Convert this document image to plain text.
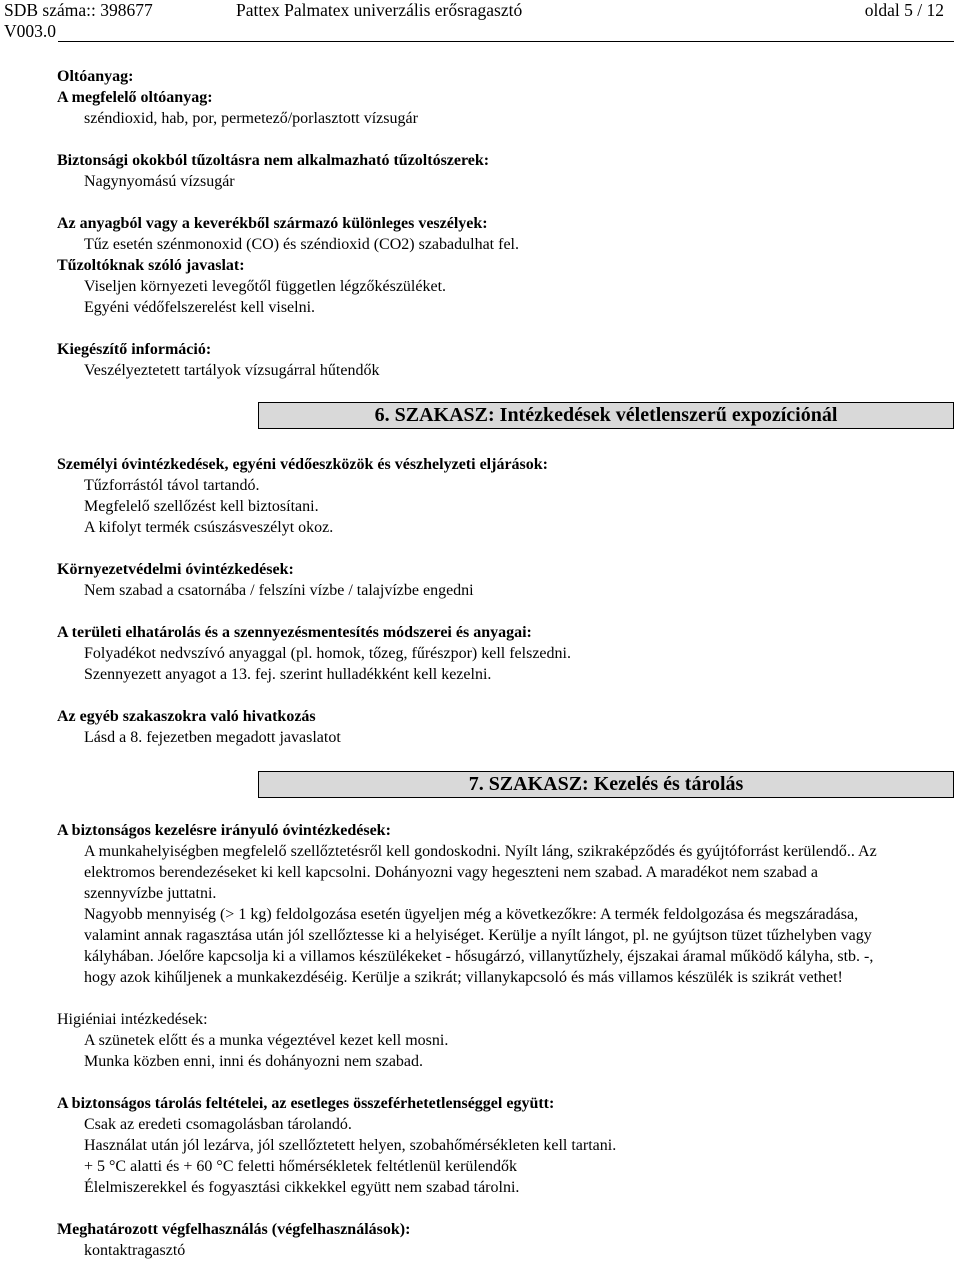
SDB száma:: 398677	Pattex Palmatex univerzális erősragasztó	oldal 5 / 12
V003.0
Oltóanyag:
A megfelelő oltóanyag:
széndioxid, hab, por, permetező/porlasztott vízsugár
Biztonsági okokból tűzoltásra nem alkalmazható tűzoltószerek:
Nagynyomású vízsugár
Az anyagból vagy a keverékből származó különleges veszélyek:
Tűz esetén szénmonoxid (CO) és széndioxid (CO2) szabadulhat fel.
Tűzoltóknak szóló javaslat:
Viseljen környezeti levegőtől független légzőkészüléket.
Egyéni védőfelszerelést kell viselni.
Kiegészítő információ:
Veszélyeztetett tartályok vízsugárral hűtendők
6. SZAKASZ: Intézkedések véletlenszerű expozíciónál
Személyi óvintézkedések, egyéni védőeszközök és vészhelyzeti eljárások:
Tűzforrástól távol tartandó.
Megfelelő szellőzést kell biztosítani.
A kifolyt termék csúszásveszélyt okoz.
Környezetvédelmi óvintézkedések:
Nem szabad a csatornába / felszíni vízbe / talajvízbe engedni
A területi elhatárolás és a szennyezésmentesítés módszerei és anyagai:
Folyadékot nedvszívó anyaggal (pl. homok, tőzeg, fűrészpor) kell felszedni.
Szennyezett anyagot a 13. fej. szerint hulladékként kell kezelni.
Az egyéb szakaszokra való hivatkozás
Lásd a 8. fejezetben megadott javaslatot
7. SZAKASZ: Kezelés és tárolás
A biztonságos kezelésre irányuló óvintézkedések:
A munkahelyiségben megfelelő szellőztetésről kell gondoskodni. Nyílt láng, szikraképződés és gyújtóforrást kerülendő.. Az
elektromos berendezéseket ki kell kapcsolni. Dohányozni vagy hegeszteni nem szabad. A maradékot nem szabad a
szennyvízbe juttatni.
Nagyobb mennyiség (> 1 kg) feldolgozása esetén ügyeljen még a következőkre: A termék feldolgozása és megszáradása,
valamint annak ragasztása után jól szellőztesse ki a helyiséget. Kerülje a nyílt lángot, pl. ne gyújtson tüzet tűzhelyben vagy
kályhában. Jóelőre kapcsolja ki a villamos készülékeket - hősugárzó, villanytűzhely, éjszakai áramal működő kályha, stb. -,
hogy azok kihűljenek a munkakezdéséig. Kerülje a szikrát; villanykapcsoló és más villamos készülék is szikrát vethet!
Higiéniai intézkedések:
A szünetek előtt és a munka végeztével kezet kell mosni.
Munka közben enni, inni és dohányozni nem szabad.
A biztonságos tárolás feltételei, az esetleges összeférhetetlenséggel együtt:
Csak az eredeti csomagolásban tárolandó.
Használat után jól lezárva, jól szellőztetett helyen, szobahőmérsékleten kell tartani.
+ 5 °C alatti és + 60 °C feletti hőmérsékletek feltétlenül kerülendők
Élelmiszerekkel és fogyasztási cikkekkel együtt nem szabad tárolni.
Meghatározott végfelhasználás (végfelhasználások):
kontaktragasztó
